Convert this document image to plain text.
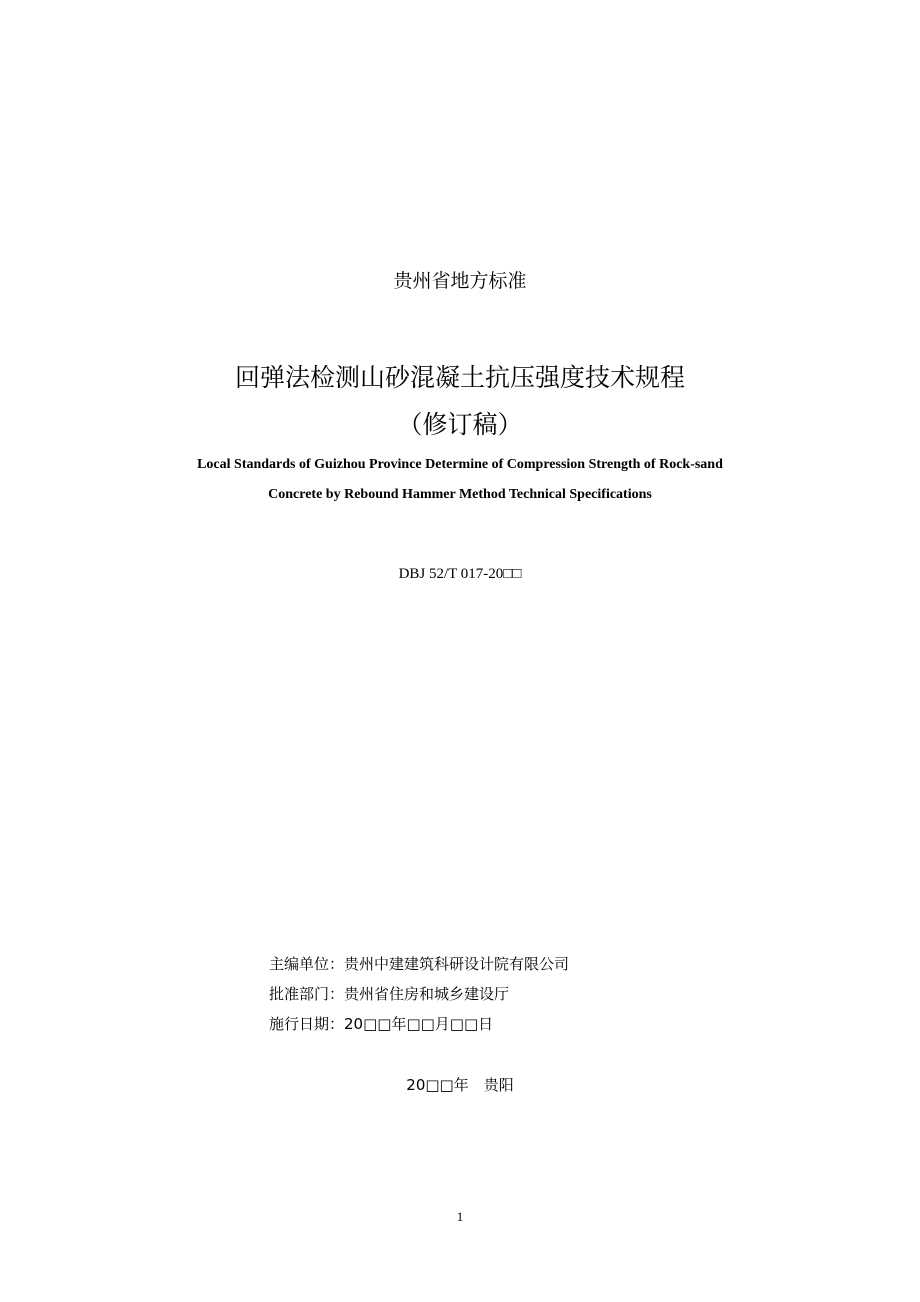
贵州省地方标准
回弹法检测山砂混凝土抗压强度技术规程
（修订稿）
Local Standards of Guizhou Province Determine of Compression Strength of Rock-sand
Concrete by Rebound Hammer Method Technical Specifications
DBJ 52/T 017-20□□
主编单位：贵州中建建筑科研设计院有限公司
批准部门：贵州省住房和城乡建设厅
施行日期：20□□年□□月□□日
20□□年　贵阳
1
